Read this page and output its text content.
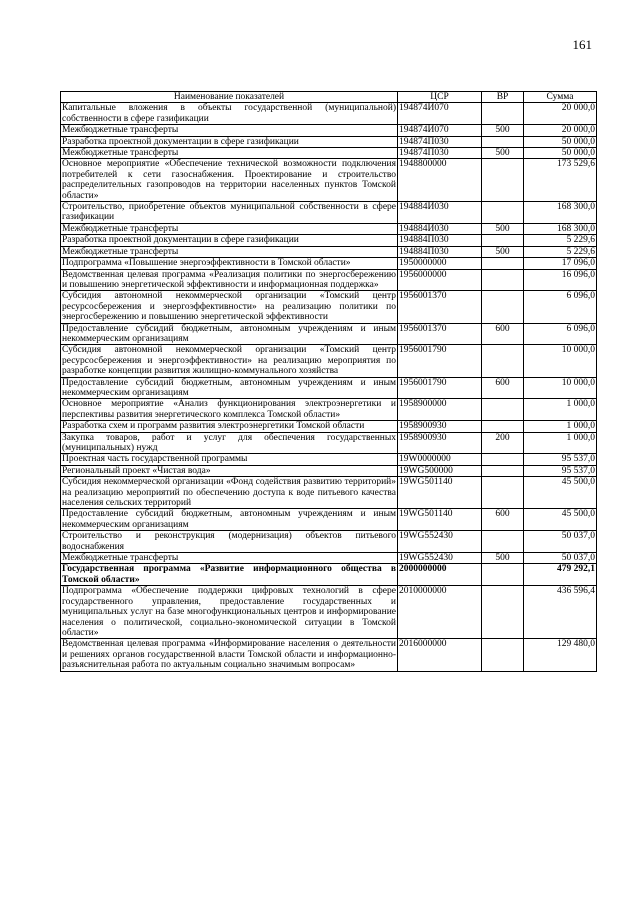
161
Наименование показателей	ЦСР	ВР	Сумма
Капитальные вложения в объекты государственной (муниципальной) собственности в сфере газификации	194874И070		20 000,0
Межбюджетные трансферты	194874И070	500	20 000,0
Разработка проектной документации в сфере газификации	194874П030		50 000,0
Межбюджетные трансферты	194874П030	500	50 000,0
Основное мероприятие «Обеспечение технической возможности подключения потребителей к сети газоснабжения. Проектирование и строительство распределительных газопроводов на территории населенных пунктов Томской области»	1948800000		173 529,6
Строительство, приобретение объектов муниципальной собственности в сфере газификации	194884И030		168 300,0
Межбюджетные трансферты	194884И030	500	168 300,0
Разработка проектной документации в сфере газификации	194884П030		5 229,6
Межбюджетные трансферты	194884П030	500	5 229,6
Подпрограмма «Повышение энергоэффективности в Томской области»	1950000000		17 096,0
Ведомственная целевая программа «Реализация политики по энергосбережению и повышению энергетической эффективности и информационная поддержка»	1956000000		16 096,0
Субсидия автономной некоммерческой организации «Томский центр ресурсосбережения и энергоэффективности» на реализацию политики по энергосбережению и повышению энергетической эффективности	1956001370		6 096,0
Предоставление субсидий бюджетным, автономным учреждениям и иным некоммерческим организациям	1956001370	600	6 096,0
Субсидия автономной некоммерческой организации «Томский центр ресурсосбережения и энергоэффективности» на реализацию мероприятия по разработке концепции развития жилищно-коммунального хозяйства	1956001790		10 000,0
Предоставление субсидий бюджетным, автономным учреждениям и иным некоммерческим организациям	1956001790	600	10 000,0
Основное мероприятие «Анализ функционирования электроэнергетики и перспективы развития энергетического комплекса Томской области»	1958900000		1 000,0
Разработка схем и программ развития электроэнергетики Томской области	1958900930		1 000,0
Закупка товаров, работ и услуг для обеспечения государственных (муниципальных) нужд	1958900930	200	1 000,0
Проектная часть государственной программы	19W0000000		95 537,0
Региональный проект «Чистая вода»	19WG500000		95 537,0
Субсидия некоммерческой организации «Фонд содействия развитию территорий» на реализацию мероприятий по обеспечению доступа к воде питьевого качества населения сельских территорий	19WG501140		45 500,0
Предоставление субсидий бюджетным, автономным учреждениям и иным некоммерческим организациям	19WG501140	600	45 500,0
Строительство и реконструкция (модернизация) объектов питьевого водоснабжения	19WG552430		50 037,0
Межбюджетные трансферты	19WG552430	500	50 037,0
Государственная программа «Развитие информационного общества в Томской области»	2000000000		479 292,1
Подпрограмма «Обеспечение поддержки цифровых технологий в сфере государственного управления, предоставление государственных и муниципальных услуг на базе многофункциональных центров и информирование населения о политической, социально-экономической ситуации в Томской области»	2010000000		436 596,4
Ведомственная целевая программа «Информирование населения о деятельности и решениях органов государственной власти Томской области и информационно-разъяснительная работа по актуальным социально значимым вопросам»	2016000000		129 480,0
